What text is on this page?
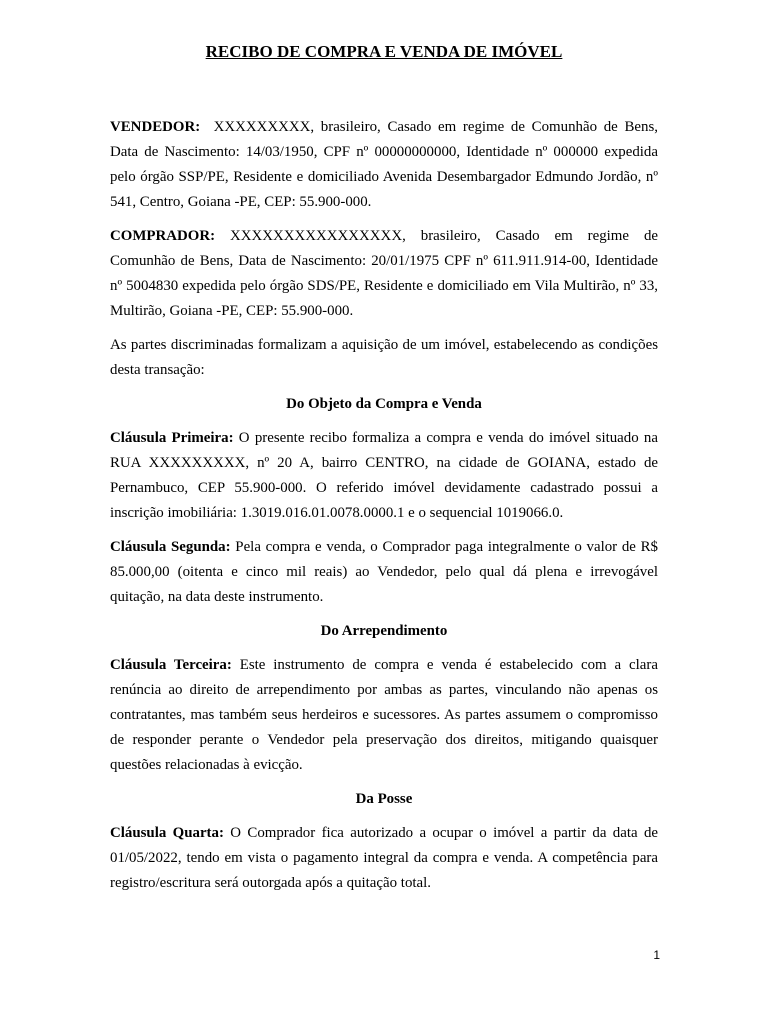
RECIBO DE COMPRA E VENDA DE IMÓVEL

VENDEDOR:  XXXXXXXXX, brasileiro, Casado em regime de Comunhão de Bens, Data de Nascimento: 14/03/1950, CPF nº 00000000000, Identidade nº 000000 expedida pelo órgão SSP/PE, Residente e domiciliado Avenida Desembargador Edmundo Jordão, nº 541, Centro, Goiana -PE, CEP: 55.900-000.

COMPRADOR: XXXXXXXXXXXXXXXX, brasileiro, Casado em regime de Comunhão de Bens, Data de Nascimento: 20/01/1975 CPF nº 611.911.914-00, Identidade nº 5004830 expedida pelo órgão SDS/PE, Residente e domiciliado em Vila Multirão, nº 33, Multirão, Goiana -PE, CEP: 55.900-000.

As partes discriminadas formalizam a aquisição de um imóvel, estabelecendo as condições desta transação:

Do Objeto da Compra e Venda

Cláusula Primeira: O presente recibo formaliza a compra e venda do imóvel situado na RUA XXXXXXXXX, nº 20 A, bairro CENTRO, na cidade de GOIANA, estado de Pernambuco, CEP 55.900-000. O referido imóvel devidamente cadastrado possui a inscrição imobiliária: 1.3019.016.01.0078.0000.1 e o sequencial 1019066.0.

Cláusula Segunda: Pela compra e venda, o Comprador paga integralmente o valor de R$ 85.000,00 (oitenta e cinco mil reais) ao Vendedor, pelo qual dá plena e irrevogável quitação, na data deste instrumento.

Do Arrependimento

Cláusula Terceira: Este instrumento de compra e venda é estabelecido com a clara renúncia ao direito de arrependimento por ambas as partes, vinculando não apenas os contratantes, mas também seus herdeiros e sucessores. As partes assumem o compromisso de responder perante o Vendedor pela preservação dos direitos, mitigando quaisquer questões relacionadas à evicção.

Da Posse

Cláusula Quarta: O Comprador fica autorizado a ocupar o imóvel a partir da data de 01/05/2022, tendo em vista o pagamento integral da compra e venda. A competência para registro/escritura será outorgada após a quitação total.

1
